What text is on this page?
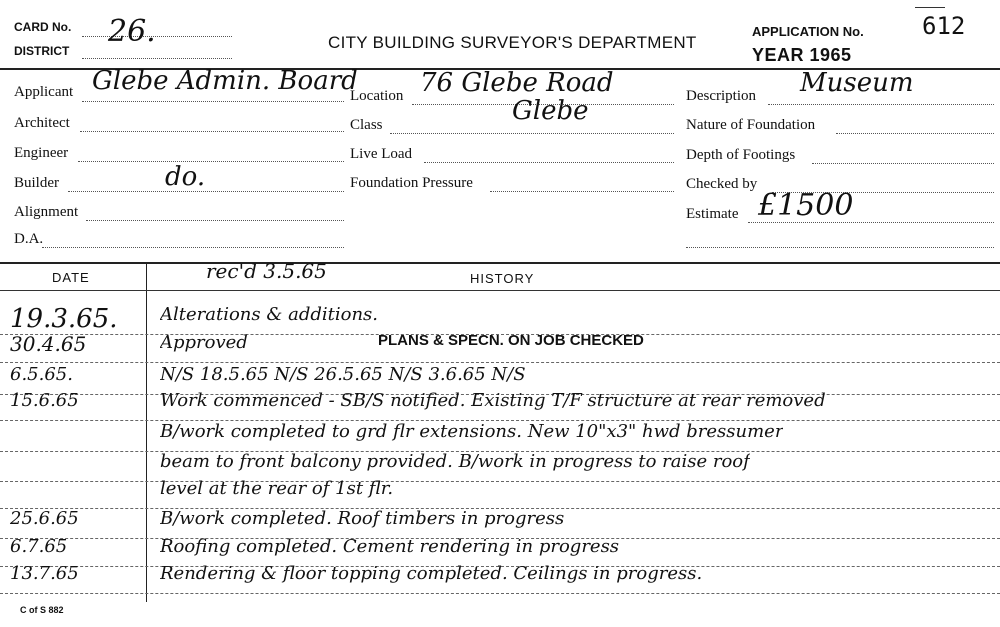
CARD No. 26.
DISTRICT	CITY BUILDING SURVEYOR'S DEPARTMENT
APPLICATION No. 612
YEAR 1965
Applicant Glebe Admin. Board
Architect
Engineer
Builder	do.
Alignment
D.A.
Location 76 Glebe Road
Class	Glebe
Live Load
Foundation Pressure
Description Museum
Nature of Foundation
Depth of Footings
Checked by
Estimate £1500
DATE	HISTORY
rec'd 3.5.65
PLANS & SPECN. ON JOB CHECKED
19.3.65. Alterations & additions.
30.4.65	Approved
6.5.65.	N/S 18.5.65 N/S 26.5.65 N/S 3.6.65 N/S
15.6.65	Work commenced - SB/S notified. Existing T/F structure at rear removed
B/work completed to grd flr extensions. New 10"x3" hwd bressumer
beam to front balcony provided. B/work in progress to raise roof
level at the rear of 1st flr.
25.6.65	B/work completed. Roof timbers in progress
6.7.65	Roofing completed. Cement rendering in progress
13.7.65	Rendering & floor topping completed. Ceilings in progress.
C of S 882
